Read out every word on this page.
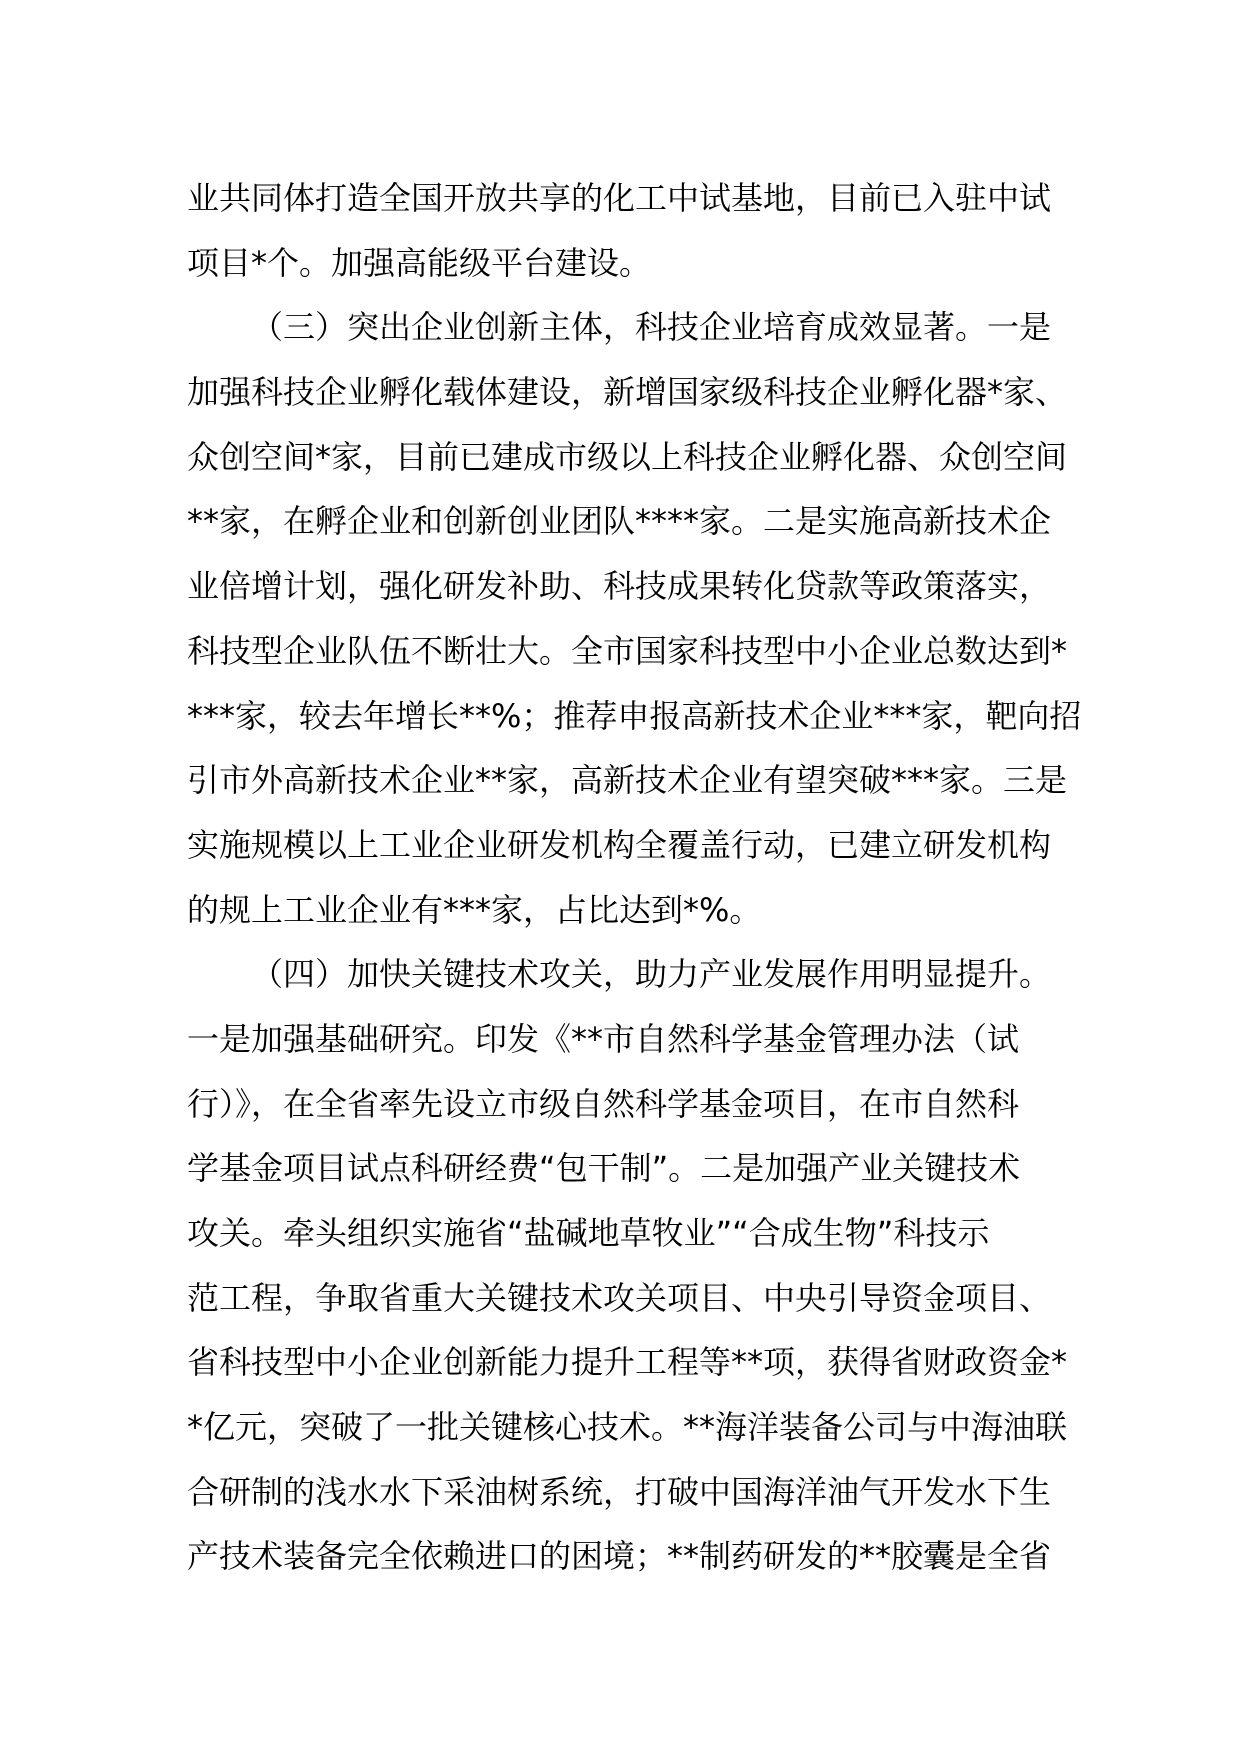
业共同体打造全国开放共享的化工中试基地，目前已入驻中试
项目*个。加强高能级平台建设。
（三）突出企业创新主体，科技企业培育成效显著。一是
加强科技企业孵化载体建设，新增国家级科技企业孵化器*家、
众创空间*家，目前已建成市级以上科技企业孵化器、众创空间
**家，在孵企业和创新创业团队****家。二是实施高新技术企
业倍增计划，强化研发补助、科技成果转化贷款等政策落实，
科技型企业队伍不断壮大。全市国家科技型中小企业总数达到*
***家，较去年增长**%；推荐申报高新技术企业***家，靶向招
引市外高新技术企业**家，高新技术企业有望突破***家。三是
实施规模以上工业企业研发机构全覆盖行动，已建立研发机构
的规上工业企业有***家，占比达到*%。
（四）加快关键技术攻关，助力产业发展作用明显提升。
一是加强基础研究。印发《**市自然科学基金管理办法（试
行）》，在全省率先设立市级自然科学基金项目，在市自然科
学基金项目试点科研经费“包干制”。二是加强产业关键技术
攻关。牵头组织实施省“盐碱地草牧业”“合成生物”科技示
范工程，争取省重大关键技术攻关项目、中央引导资金项目、
省科技型中小企业创新能力提升工程等**项，获得省财政资金*
*亿元，突破了一批关键核心技术。**海洋装备公司与中海油联
合研制的浅水水下采油树系统，打破中国海洋油气开发水下生
产技术装备完全依赖进口的困境；**制药研发的**胶囊是全省
